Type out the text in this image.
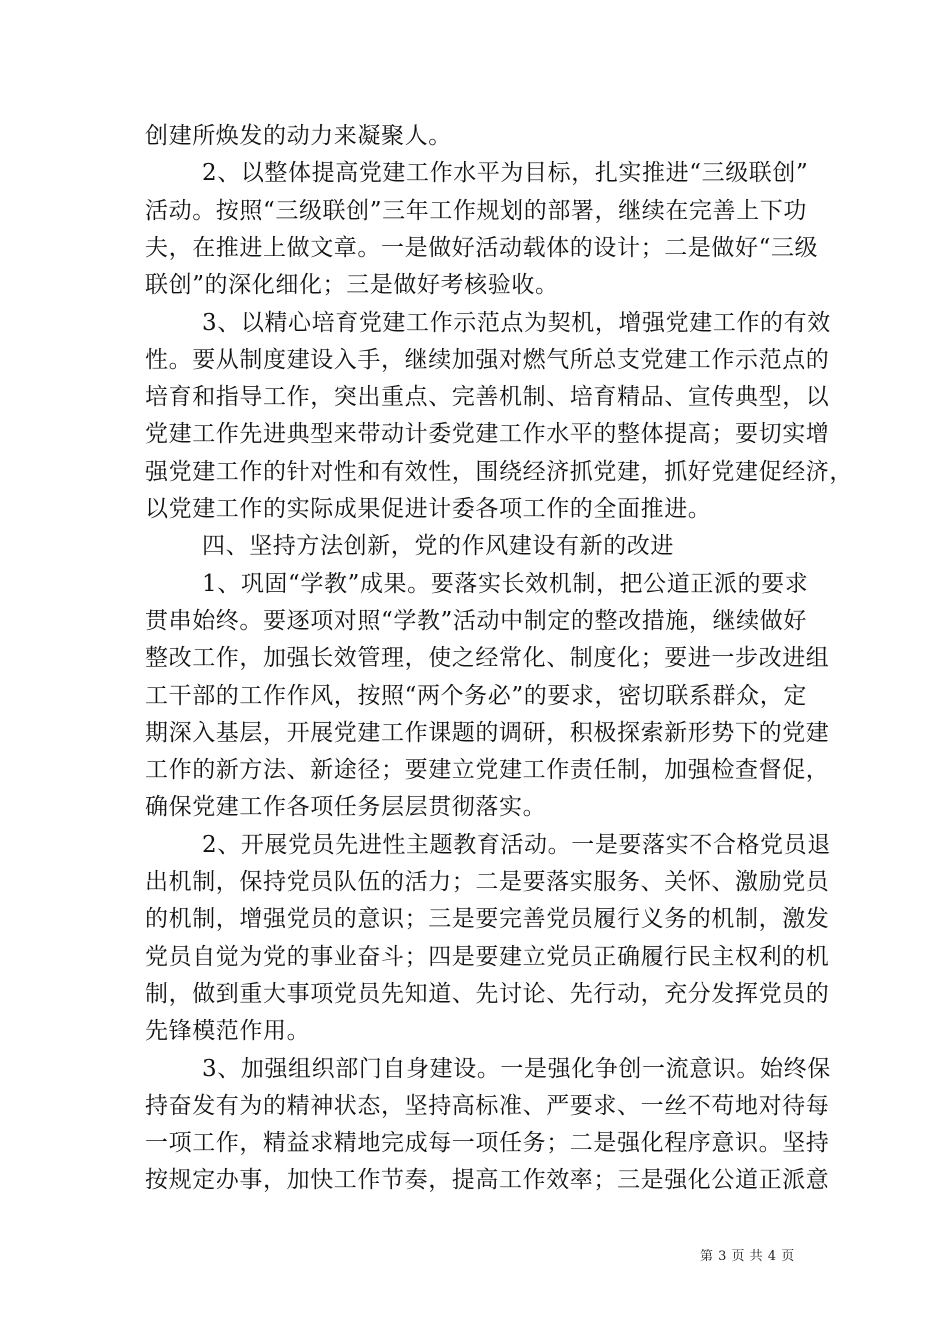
创建所焕发的动力来凝聚人。
2、以整体提高党建工作水平为目标，扎实推进“三级联创”
活动。按照“三级联创”三年工作规划的部署，继续在完善上下功
夫，在推进上做文章。一是做好活动载体的设计；二是做好“三级
联创”的深化细化；三是做好考核验收。
3、以精心培育党建工作示范点为契机，增强党建工作的有效
性。要从制度建设入手，继续加强对燃气所总支党建工作示范点的
培育和指导工作，突出重点、完善机制、培育精品、宣传典型，以
党建工作先进典型来带动计委党建工作水平的整体提高；要切实增
强党建工作的针对性和有效性，围绕经济抓党建，抓好党建促经济，
以党建工作的实际成果促进计委各项工作的全面推进。
四、坚持方法创新，党的作风建设有新的改进
1、巩固“学教”成果。要落实长效机制，把公道正派的要求
贯串始终。要逐项对照“学教”活动中制定的整改措施，继续做好
整改工作，加强长效管理，使之经常化、制度化；要进一步改进组
工干部的工作作风，按照“两个务必”的要求，密切联系群众，定
期深入基层，开展党建工作课题的调研，积极探索新形势下的党建
工作的新方法、新途径；要建立党建工作责任制，加强检查督促，
确保党建工作各项任务层层贯彻落实。
2、开展党员先进性主题教育活动。一是要落实不合格党员退
出机制，保持党员队伍的活力；二是要落实服务、关怀、激励党员
的机制，增强党员的意识；三是要完善党员履行义务的机制，激发
党员自觉为党的事业奋斗；四是要建立党员正确履行民主权利的机
制，做到重大事项党员先知道、先讨论、先行动，充分发挥党员的
先锋模范作用。
3、加强组织部门自身建设。一是强化争创一流意识。始终保
持奋发有为的精神状态，坚持高标准、严要求、一丝不苟地对待每
一项工作，精益求精地完成每一项任务；二是强化程序意识。坚持
按规定办事，加快工作节奏，提高工作效率；三是强化公道正派意
第 3 页 共 4 页
